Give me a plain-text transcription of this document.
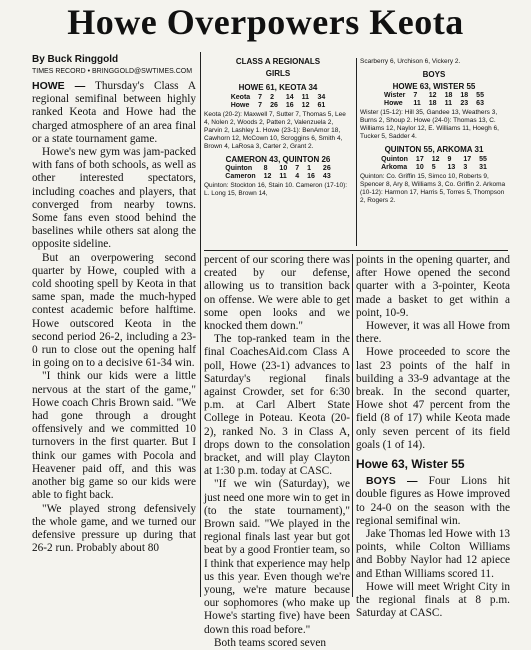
Howe Overpowers Keota
By Buck Ringgold
TIMES RECORD • BRINGGOLD@SWTIMES.COM

HOWE — Thursday's Class A regional semifinal between highly ranked Keota and Howe had the charged atmosphere of an area final or a state tournament game.

Howe's new gym was jam-packed with fans of both schools, as well as other interested spectators, including coaches and players, that converged from nearby towns. Some fans even stood behind the baselines while others sat along the opposite sideline.

But an overpowering second quarter by Howe, coupled with a cold shooting spell by Keota in that same span, made the much-hyped contest academic before halftime. Howe outscored Keota in the second period 26-2, including a 23-0 run to close out the opening half in going on to a decisive 61-34 win.

"I think our kids were a little nervous at the start of the game," Howe coach Chris Brown said. "We had gone through a drought offensively and we committed 10 turnovers in the first quarter. But I think our games with Pocola and Heavener paid off, and this was another big game so our kids were able to fight back.

"We played strong defensively the whole game, and we turned our defensive pressure up during that 26-2 run. Probably about 80

CLASS A REGIONALS
GIRLS
HOWE 61, KEOTA 34
Keota	7	2	14	11	34
Howe	7	26	16	12	61
Keota (20-2): Maxwell 7, Sutter 7, Thomas 5, Lee 4, Nolen 2, Woods 2, Patten 2, Valenzuela 2, Parvin 2, Lashley 1. Howe (23-1): BenAmor 18, Cawhorn 12, McCown 10, Scroggins 6, Smith 4, Brown 4, LaRosa 3, Carter 2, Grant 2.
CAMERON 43, QUINTON 26
Quinton	8	10	7	1	26
Cameron	12	11	4	16	43
Quinton: Stockton 16, Stain 10. Cameron (17-10): L. Long 15, Brown 14,
Scarberry 6, Urchison 6, Vickery 2.
BOYS
HOWE 63, WISTER 55
Wister	7	12	18	18	55
Howe	11	18	11	23	63
Wister (15-12): Hill 35, Gandee 13, Weathers 3, Burns 2, Shoup 2. Howe (24-0): Thomas 13, C. Williams 12, Naylor 12, E. Williams 11, Hoegh 6, Tucker 5, Sadder 4.
QUINTON 55, ARKOMA 31
Quinton	17	12	9	17	55
Arkoma	10	5	13	3	31
Quinton: Co. Griffin 15, Simco 10, Roberts 9, Spencer 8, Ary 8, Williams 3, Co. Griffin 2. Arkoma (10-12): Harmon 17, Harris 5, Torres 5, Thompson 2, Rogers 2.

percent of our scoring there was created by our defense, allowing us to transition back on offense. We were able to get some open looks and we knocked them down."

The top-ranked team in the final CoachesAid.com Class A poll, Howe (23-1) advances to Saturday's regional finals against Crowder, set for 6:30 p.m. at Carl Albert State College in Poteau. Keota (20-2), ranked No. 3 in Class A, drops down to the consolation bracket, and will play Clayton at 1:30 p.m. today at CASC.

"If we win (Saturday), we just need one more win to get in (to the state tournament)," Brown said. "We played in the regional finals last year but got beat by a good Frontier team, so I think that experience may help us this year. Even though we're young, we're mature because our sophomores (who make up Howe's starting five) have been down this road before."

Both teams scored seven

points in the opening quarter, and after Howe opened the second quarter with a 3-pointer, Keota made a basket to get within a point, 10-9.

However, it was all Howe from there.

Howe proceeded to score the last 23 points of the half in building a 33-9 advantage at the break. In the second quarter, Howe shot 47 percent from the field (8 of 17) while Keota made only seven percent of its field goals (1 of 14).

Howe 63, Wister 55

BOYS — Four Lions hit double figures as Howe improved to 24-0 on the season with the regional semifinal win.

Jake Thomas led Howe with 13 points, while Colton Williams and Bobby Naylor had 12 apiece and Ethan Williams scored 11.

Howe will meet Wright City in the regional finals at 8 p.m. Saturday at CASC.
